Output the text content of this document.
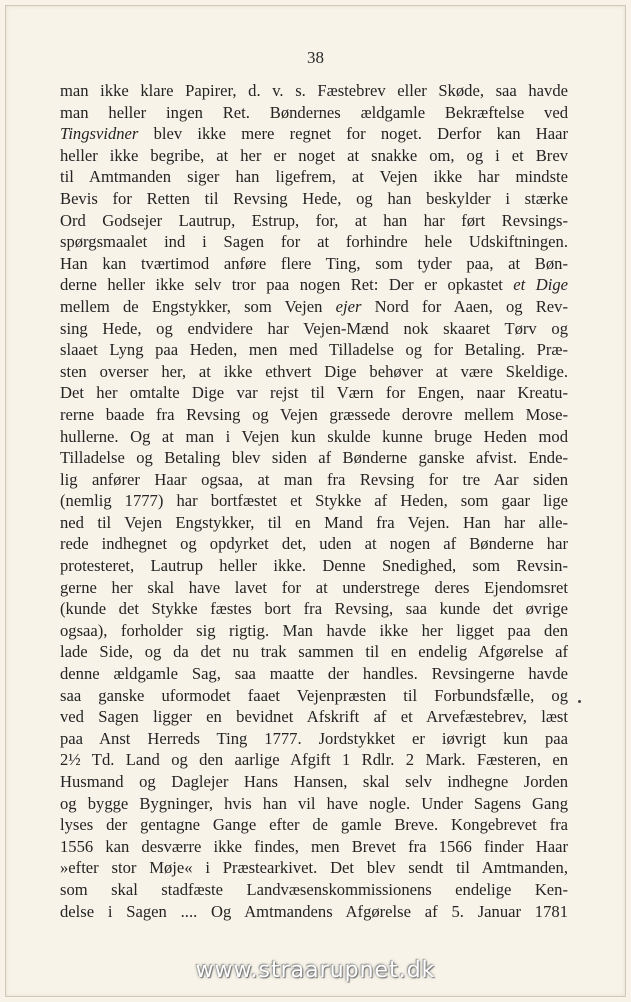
38
man ikke klare Papirer, d. v. s. Fæstebrev eller Skøde, saa havde
man heller ingen Ret. Bøndernes ældgamle Bekræftelse ved
Tingsvidner blev ikke mere regnet for noget. Derfor kan Haar
heller ikke begribe, at her er noget at snakke om, og i et Brev
til Amtmanden siger han ligefrem, at Vejen ikke har mindste
Bevis for Retten til Revsing Hede, og han beskylder i stærke
Ord Godsejer Lautrup, Estrup, for, at han har ført Revsings-
spørgsmaalet ind i Sagen for at forhindre hele Udskiftningen.
Han kan tværtimod anføre flere Ting, som tyder paa, at Bøn-
derne heller ikke selv tror paa nogen Ret: Der er opkastet et Dige
mellem de Engstykker, som Vejen ejer Nord for Aaen, og Rev-
sing Hede, og endvidere har Vejen-Mænd nok skaaret Tørv og
slaaet Lyng paa Heden, men med Tilladelse og for Betaling. Præ-
sten overser her, at ikke ethvert Dige behøver at være Skeldige.
Det her omtalte Dige var rejst til Værn for Engen, naar Kreatu-
rerne baade fra Revsing og Vejen græssede derovre mellem Mose-
hullerne. Og at man i Vejen kun skulde kunne bruge Heden mod
Tilladelse og Betaling blev siden af Bønderne ganske afvist. Ende-
lig anfører Haar ogsaa, at man fra Revsing for tre Aar siden
(nemlig 1777) har bortfæstet et Stykke af Heden, som gaar lige
ned til Vejen Engstykker, til en Mand fra Vejen. Han har alle-
rede indhegnet og opdyrket det, uden at nogen af Bønderne har
protesteret, Lautrup heller ikke. Denne Snedighed, som Revsin-
gerne her skal have lavet for at understrege deres Ejendomsret
(kunde det Stykke fæstes bort fra Revsing, saa kunde det øvrige
ogsaa), forholder sig rigtig. Man havde ikke her ligget paa den
lade Side, og da det nu trak sammen til en endelig Afgørelse af
denne ældgamle Sag, saa maatte der handles. Revsingerne havde
saa ganske uformodet faaet Vejenpræsten til Forbundsfælle, og
ved Sagen ligger en bevidnet Afskrift af et Arvefæstebrev, læst
paa Anst Herreds Ting 1777. Jordstykket er iøvrigt kun paa
2½ Td. Land og den aarlige Afgift 1 Rdlr. 2 Mark. Fæsteren, en
Husmand og Daglejer Hans Hansen, skal selv indhegne Jorden
og bygge Bygninger, hvis han vil have nogle. Under Sagens Gang
lyses der gentagne Gange efter de gamle Breve. Kongebrevet fra
1556 kan desværre ikke findes, men Brevet fra 1566 finder Haar
»efter stor Møje« i Præstearkivet. Det blev sendt til Amtmanden,
som skal stadfæste Landvæsenskommissionens endelige Ken-
delse i Sagen .... Og Amtmandens Afgørelse af 5. Januar 1781
www.straarupnet.dk
